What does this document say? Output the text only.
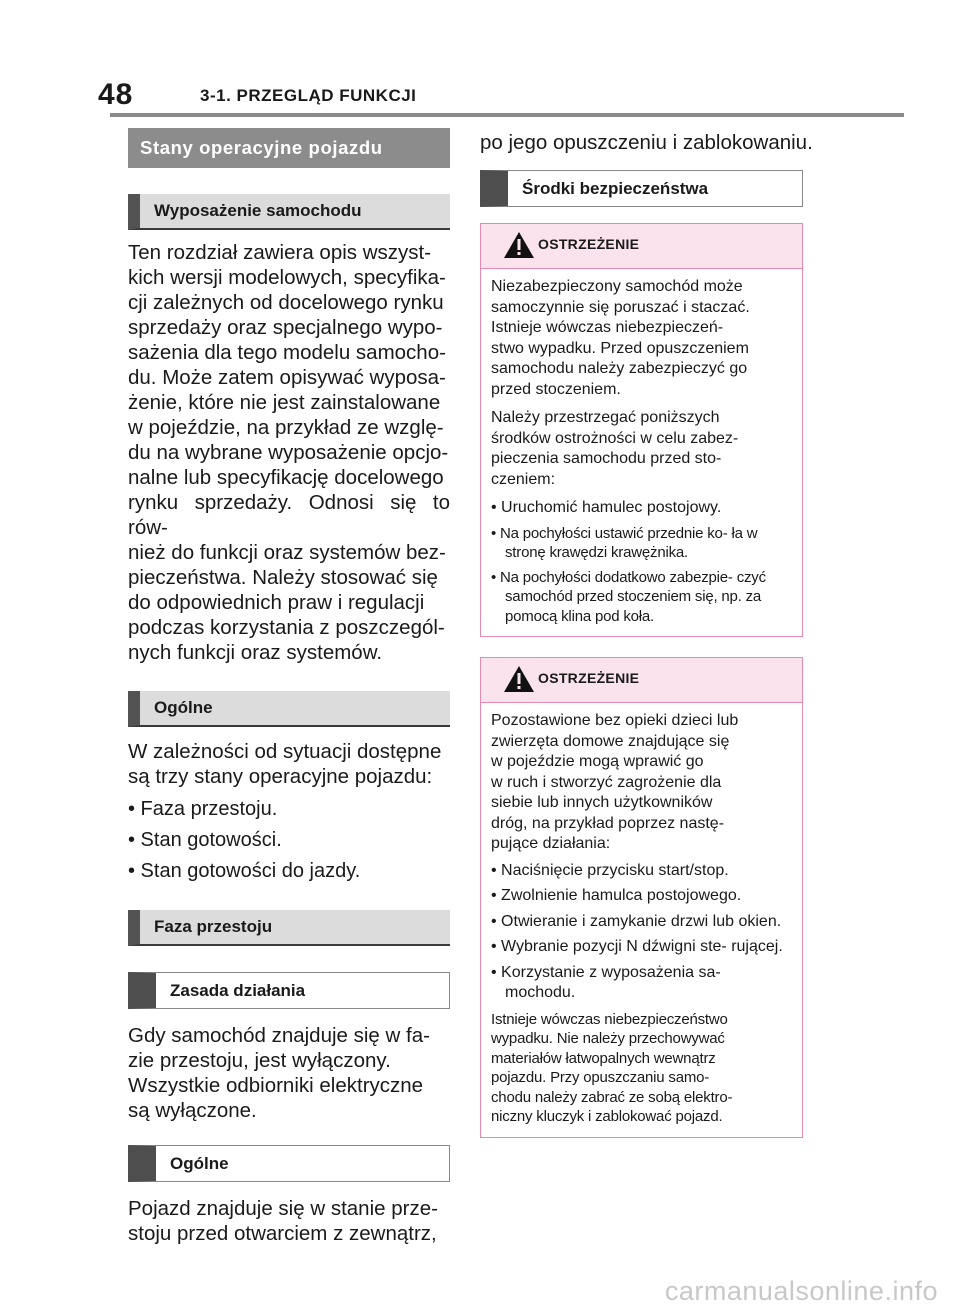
48	3-1. PRZEGLĄD FUNKCJI
Stany operacyjne pojazdu
Wyposażenie samochodu

Ten rozdział zawiera opis wszyst-

kich wersji modelowych, specyfika-

cji zależnych od docelowego rynku

sprzedaży oraz specjalnego wypo-

sażenia dla tego modelu samocho-

du. Może zatem opisywać wyposa-

żenie, które nie jest zainstalowane

w pojeździe, na przykład ze wzglę-

du na wybrane wyposażenie opcjo-

nalne lub specyfikację docelowego

rynku sprzedaży. Odnosi się to rów-

nież do funkcji oraz systemów bez-

pieczeństwa. Należy stosować się

do odpowiednich praw i regulacji

podczas korzystania z poszczegól-

nych funkcji oraz systemów.

Ogólne

W zależności od sytuacji dostępne

są trzy stany operacyjne pojazdu:

• Faza przestoju.

• Stan gotowości.

• Stan gotowości do jazdy.

Faza przestoju
Zasada działania

Gdy samochód znajduje się w fa-

zie przestoju, jest wyłączony.

Wszystkie odbiorniki elektryczne

są wyłączone.

Ogólne

Pojazd znajduje się w stanie prze-

stoju przed otwarciem z zewnątrz,

po jego opuszczeniu i zablokowaniu.

Środki bezpieczeństwa
OSTRZEŻENIE

Niezabezpieczony samochód może

samoczynnie się poruszać i staczać.

Istnieje wówczas niebezpieczeń-

stwo wypadku. Przed opuszczeniem

samochodu należy zabezpieczyć go

przed stoczeniem.

Należy przestrzegać poniższych

środków ostrożności w celu zabez-

pieczenia samochodu przed sto-

czeniem:

• Uruchomić hamulec postojowy.

• Na pochyłości ustawić przednie ko- ła w stronę krawędzi krawężnika.

• Na pochyłości dodatkowo zabezpie- czyć samochód przed stoczeniem się, np. za pomocą klina pod koła.

OSTRZEŻENIE

Pozostawione bez opieki dzieci lub

zwierzęta domowe znajdujące się

w pojeździe mogą wprawić go

w ruch i stworzyć zagrożenie dla

siebie lub innych użytkowników

dróg, na przykład poprzez nastę-

pujące działania:

• Naciśnięcie przycisku start/stop.

• Zwolnienie hamulca postojowego.

• Otwieranie i zamykanie drzwi lub okien.

• Wybranie pozycji N dźwigni ste- rującej.

• Korzystanie z wyposażenia sa- mochodu.

Istnieje wówczas niebezpieczeństwo

wypadku. Nie należy przechowywać

materiałów łatwopalnych wewnątrz

pojazdu. Przy opuszczaniu samo-

chodu należy zabrać ze sobą elektro-

niczny kluczyk i zablokować pojazd.

carmanualsonline.info
